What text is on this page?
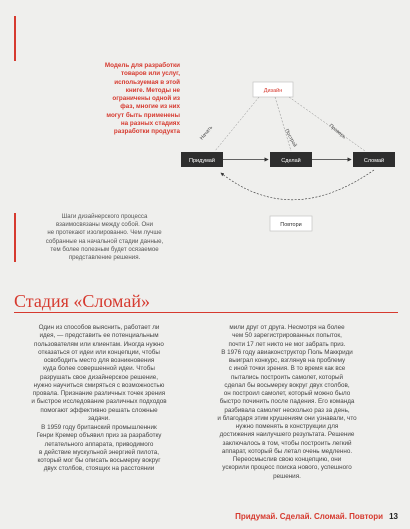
Модель для разработки
товаров или услуг,
используемая в этой
книге. Методы не
ограничены одной из
фаз, многие из них
могут быть применены
на разных стадиях
разработки продукта
Дизайн
Придумай	Сделай	Сломай
Повтори
Начать	Построй	Проверь
Шаги дизайнерского процесса
взаимосвязаны между собой. Они
не протекают изолированно. Чем лучше
собранные на начальной стадии данные,
тем более полезным будет осязаемое
представление решения.
Стадия «Сломай»
Один из способов выяснить, работает ли
идея, — представить ее потенциальным
пользователям или клиентам. Иногда нужно
отказаться от идеи или концепции, чтобы
освободить место для возникновения
куда более совершенной идеи. Чтобы
разрушать свое дизайнерское решение,
нужно научиться смиряться с возможностью
провала. Признание различных точек зрения
и быстрое исследование различных подходов
помогают эффективно решать сложные
задачи.
В 1959 году британский промышленник
Генри Кремер объявил приз за разработку
летательного аппарата, приводимого
в действие мускульной энергией пилота,
который мог бы описать восьмерку вокруг
двух столбов, стоящих на расстоянии
мили друг от друга. Несмотря на более
чем 50 зарегистрированных попыток,
почти 17 лет никто не мог забрать приз.
В 1976 году авиаконструктор Поль Маккриди
выиграл конкурс, взглянув на проблему
с иной точки зрения. В то время как все
пытались построить самолет, который
сделал бы восьмерку вокруг двух столбов,
он построил самолет, который можно было
быстро починить после падения. Его команда
разбивала самолет несколько раз за день,
и благодаря этим крушениям они узнавали, что
нужно поменять в конструкции для
достижения наилучшего результата. Решение
заключалось в том, чтобы построить легкий
аппарат, который бы летал очень медленно.
Переосмыслив свою концепцию, они
ускорили процесс поиска нового, успешного
решения.
Придумай. Сделай. Сломай. Повтори 13
